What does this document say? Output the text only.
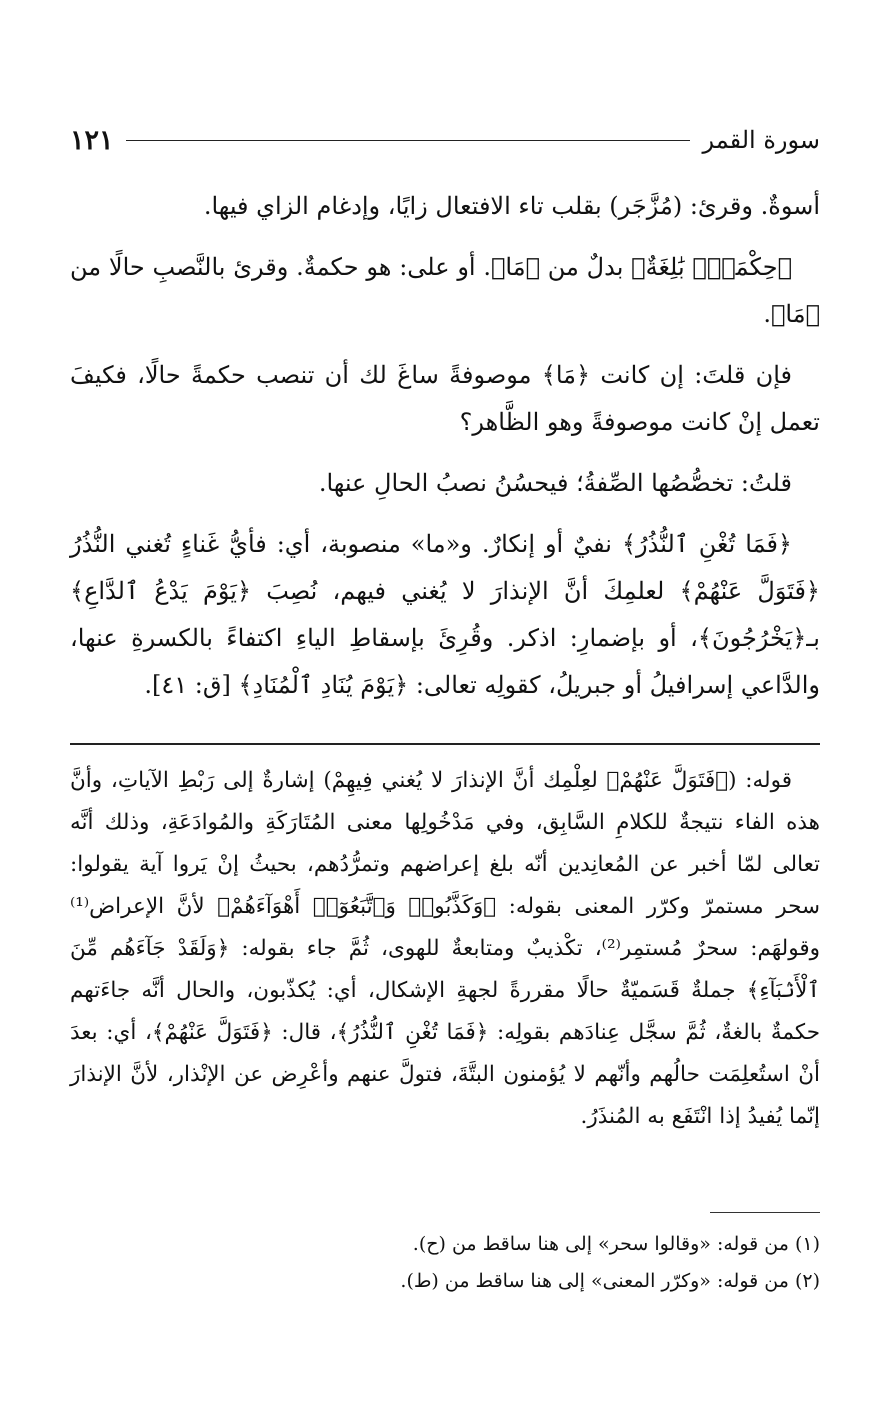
سورة القمر
١٢١

أسوةٌ. وقرئ: (مُزَّجَر) بقلب تاء الافتعال زايًا، وإدغام الزاي فيها.

﴿حِكْمَةٌۢ بَٰلِغَةٌ﴾ بدلٌ من ﴿مَا﴾. أو على: هو حكمةٌ. وقرئ بالنَّصبِ حالًا من ﴿مَا﴾.

فإن قلتَ: إن كانت ﴿مَا﴾ موصوفةً ساغَ لك أن تنصب حكمةً حالًا، فكيفَ تعمل إنْ كانت موصوفةً وهو الظَّاهر؟

قلتُ: تخصُّصُها الصِّفةُ؛ فيحسُنُ نصبُ الحالِ عنها.

﴿فَمَا تُغْنِ ٱلنُّذُرُ﴾ نفيٌ أو إنكارٌ. و«ما» منصوبة، أي: فأيُّ غَناءٍ تُغني النُّذُرُ ﴿فَتَوَلَّ عَنْهُمْ﴾ لعلمِكَ أنَّ الإنذارَ لا يُغني فيهم، نُصِبَ ﴿يَوْمَ يَدْعُ ٱلدَّاعِ﴾ بـ﴿يَخْرُجُونَ﴾، أو بإضمارِ: اذكر. وقُرِئَ بإسقاطِ الياءِ اكتفاءً بالكسرةِ عنها، والدَّاعي إسرافيلُ أو جبريلُ، كقولِه تعالى: ﴿يَوْمَ يُنَادِ ٱلْمُنَادِ﴾ [ق: ٤١].

قوله: (﴿فَتَوَلَّ عَنْهُمْ﴾ لعِلْمِك أنَّ الإنذارَ لا يُغني فِيهِمْ) إشارةٌ إلى رَبْطِ الآياتِ، وأنَّ هذه الفاء نتيجةٌ للكلامِ السَّابِق، وفي مَدْخُولِها معنى المُتَارَكَةِ والمُوادَعَةِ، وذلك أنَّه تعالى لمّا أخبر عن المُعانِدين أنّه بلغ إعراضهم وتمرُّدُهم، بحيثُ إنْ يَروا آية يقولوا: سحر مستمرّ وكرّر المعنى بقوله: ﴿وَكَذَّبُوا۟ وَٱتَّبَعُوٓا۟ أَهْوَآءَهُمْ﴾ لأنَّ الإعراض⁽¹⁾ وقولهَم: سحرٌ مُستمِر⁽²⁾، تكْذيبٌ ومتابعةٌ للهوى، ثُمَّ جاء بقوله: ﴿وَلَقَدْ جَآءَهُم مِّنَ ٱلْأَنۢبَآءِ﴾ جملةٌ قَسَميّةٌ حالًا مقررةً لجهةِ الإشكال، أي: يُكذّبون، والحال أنَّه جاءَتهم حكمةٌ بالغةٌ، ثُمَّ سجَّل عِنادَهم بقولِه: ﴿فَمَا تُغْنِ ٱلنُّذُرُ﴾، قال: ﴿فَتَوَلَّ عَنْهُمْ﴾، أي: بعدَ أنْ استُعلِمَت حالُهم وأنّهم لا يُؤمنون البتَّةَ، فتولَّ عنهم وأعْرِض عن الإنْذار، لأنَّ الإنذارَ إنّما يُفيدُ إذا انْتَفَع به المُنذَرُ.

(١) من قوله: «وقالوا سحر» إلى هنا ساقط من (ح).
(٢) من قوله: «وكرّر المعنى» إلى هنا ساقط من (ط).
